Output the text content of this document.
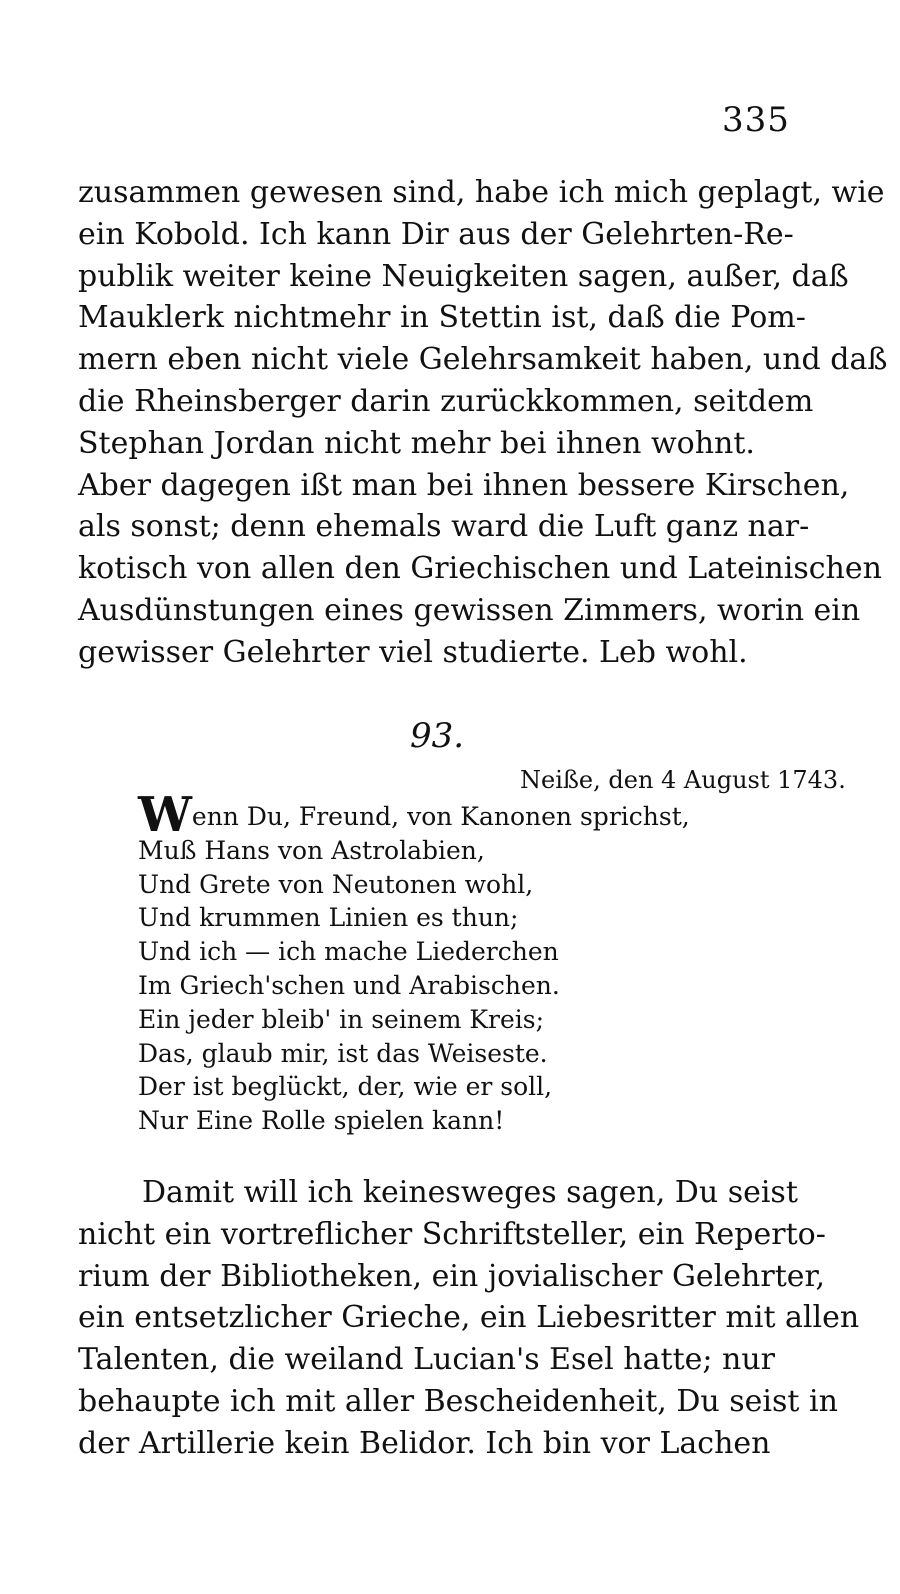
335
zusammen gewesen sind, habe ich mich geplagt, wie
ein Kobold. Ich kann Dir aus der Gelehrten-Re-
publik weiter keine Neuigkeiten sagen, außer, daß
Mauklerk nichtmehr in Stettin ist, daß die Pom-
mern eben nicht viele Gelehrsamkeit haben, und daß
die Rheinsberger darin zurückkommen, seitdem
Stephan Jordan nicht mehr bei ihnen wohnt.
Aber dagegen ißt man bei ihnen bessere Kirschen,
als sonst; denn ehemals ward die Luft ganz nar-
kotisch von allen den Griechischen und Lateinischen
Ausdünstungen eines gewissen Zimmers, worin ein
gewisser Gelehrter viel studierte. Leb wohl.
93.
Neiße, den 4 August 1743.
Wenn Du, Freund, von Kanonen sprichst,
Muß Hans von Astrolabien,
Und Grete von Neutonen wohl,
Und krummen Linien es thun;
Und ich — ich mache Liederchen
Im Griech'schen und Arabischen.
Ein jeder bleib' in seinem Kreis;
Das, glaub mir, ist das Weiseste.
Der ist beglückt, der, wie er soll,
Nur Eine Rolle spielen kann!
Damit will ich keinesweges sagen, Du seist
nicht ein vortreflicher Schriftsteller, ein Reperto-
rium der Bibliotheken, ein jovialischer Gelehrter,
ein entsetzlicher Grieche, ein Liebesritter mit allen
Talenten, die weiland Lucian's Esel hatte; nur
behaupte ich mit aller Bescheidenheit, Du seist in
der Artillerie kein Belidor. Ich bin vor Lachen
